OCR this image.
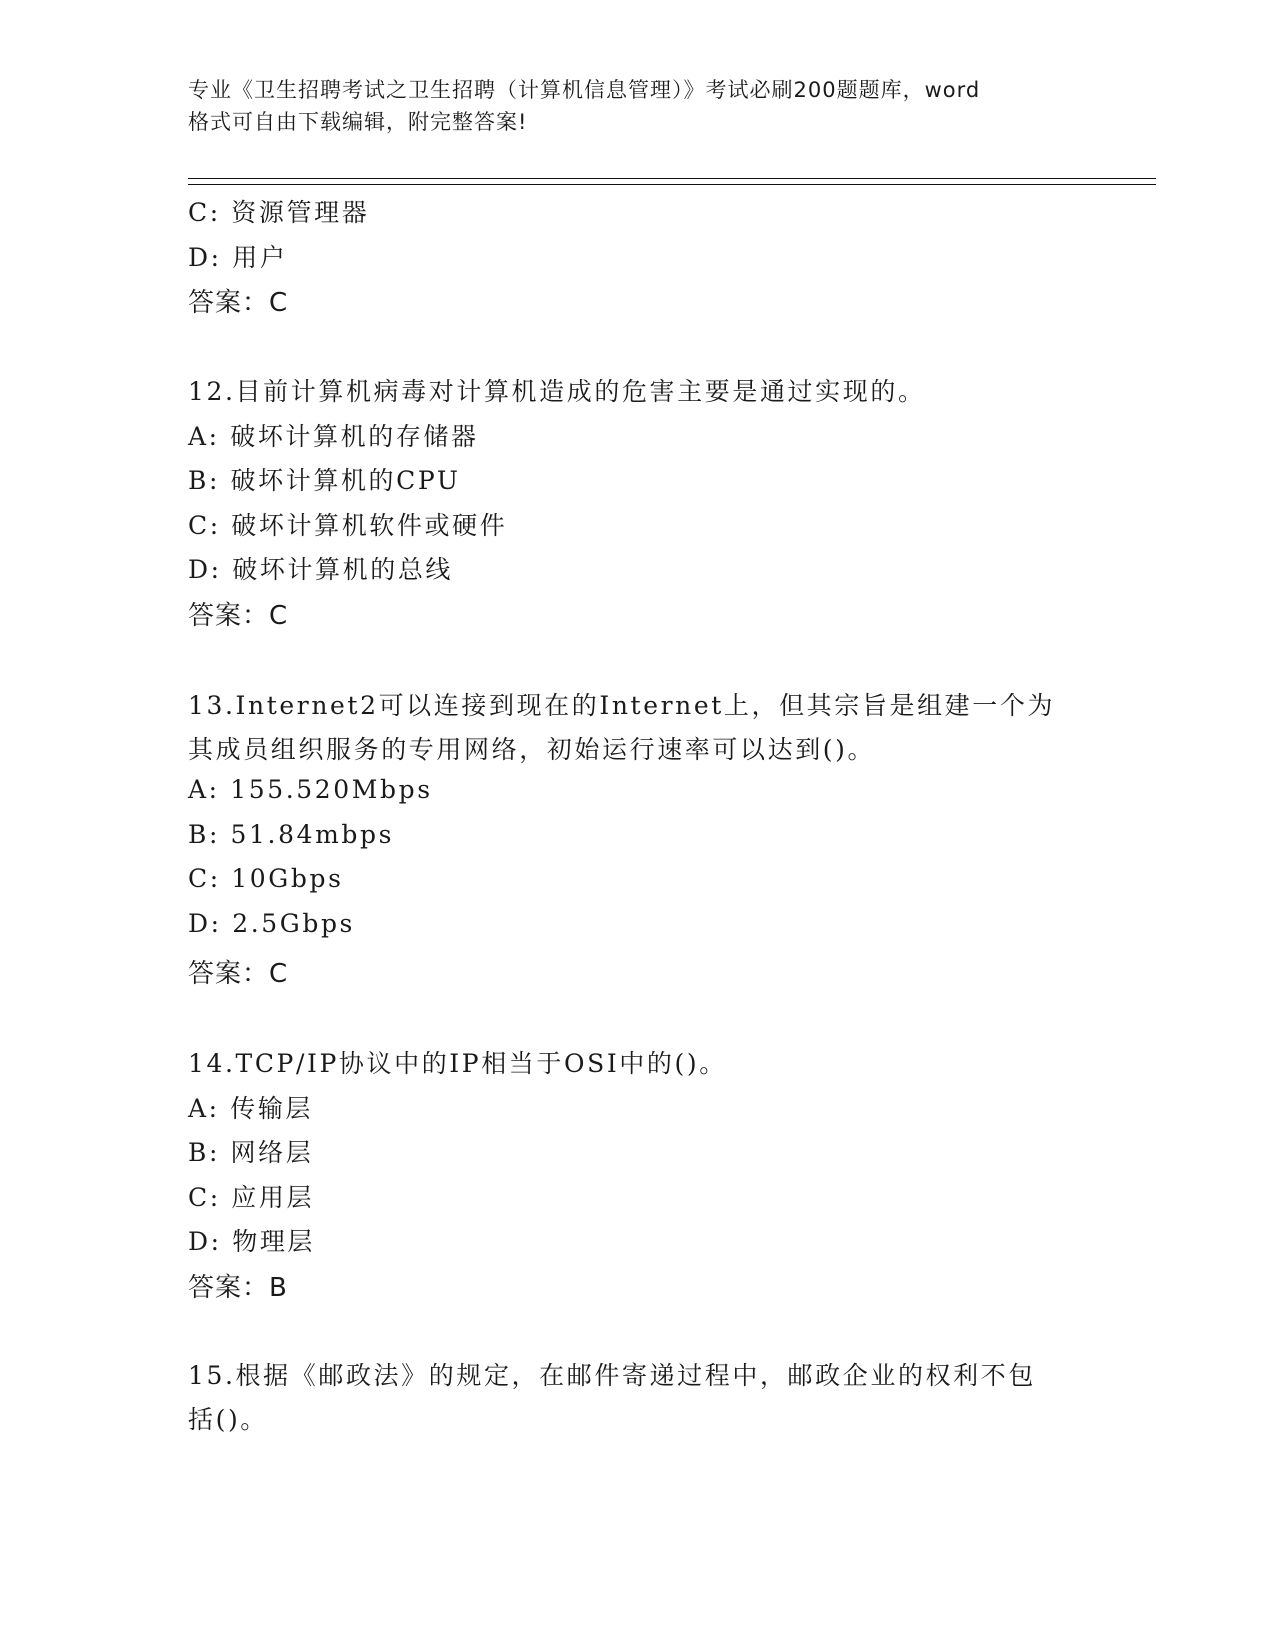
专业《卫生招聘考试之卫生招聘（计算机信息管理）》考试必刷200题题库，word
格式可自由下载编辑，附完整答案!
C: 资源管理器
D: 用户
答案：C
12.目前计算机病毒对计算机造成的危害主要是通过实现的。
A: 破坏计算机的存储器
B: 破坏计算机的CPU
C: 破坏计算机软件或硬件
D: 破坏计算机的总线
答案：C
13.Internet2可以连接到现在的Internet上，但其宗旨是组建一个为
其成员组织服务的专用网络，初始运行速率可以达到()。
A: 155.520Mbps
B: 51.84mbps
C: 10Gbps
D: 2.5Gbps
答案：C
14.TCP/IP协议中的IP相当于OSI中的()。
A: 传输层
B: 网络层
C: 应用层
D: 物理层
答案：B
15.根据《邮政法》的规定，在邮件寄递过程中，邮政企业的权利不包
括()。
